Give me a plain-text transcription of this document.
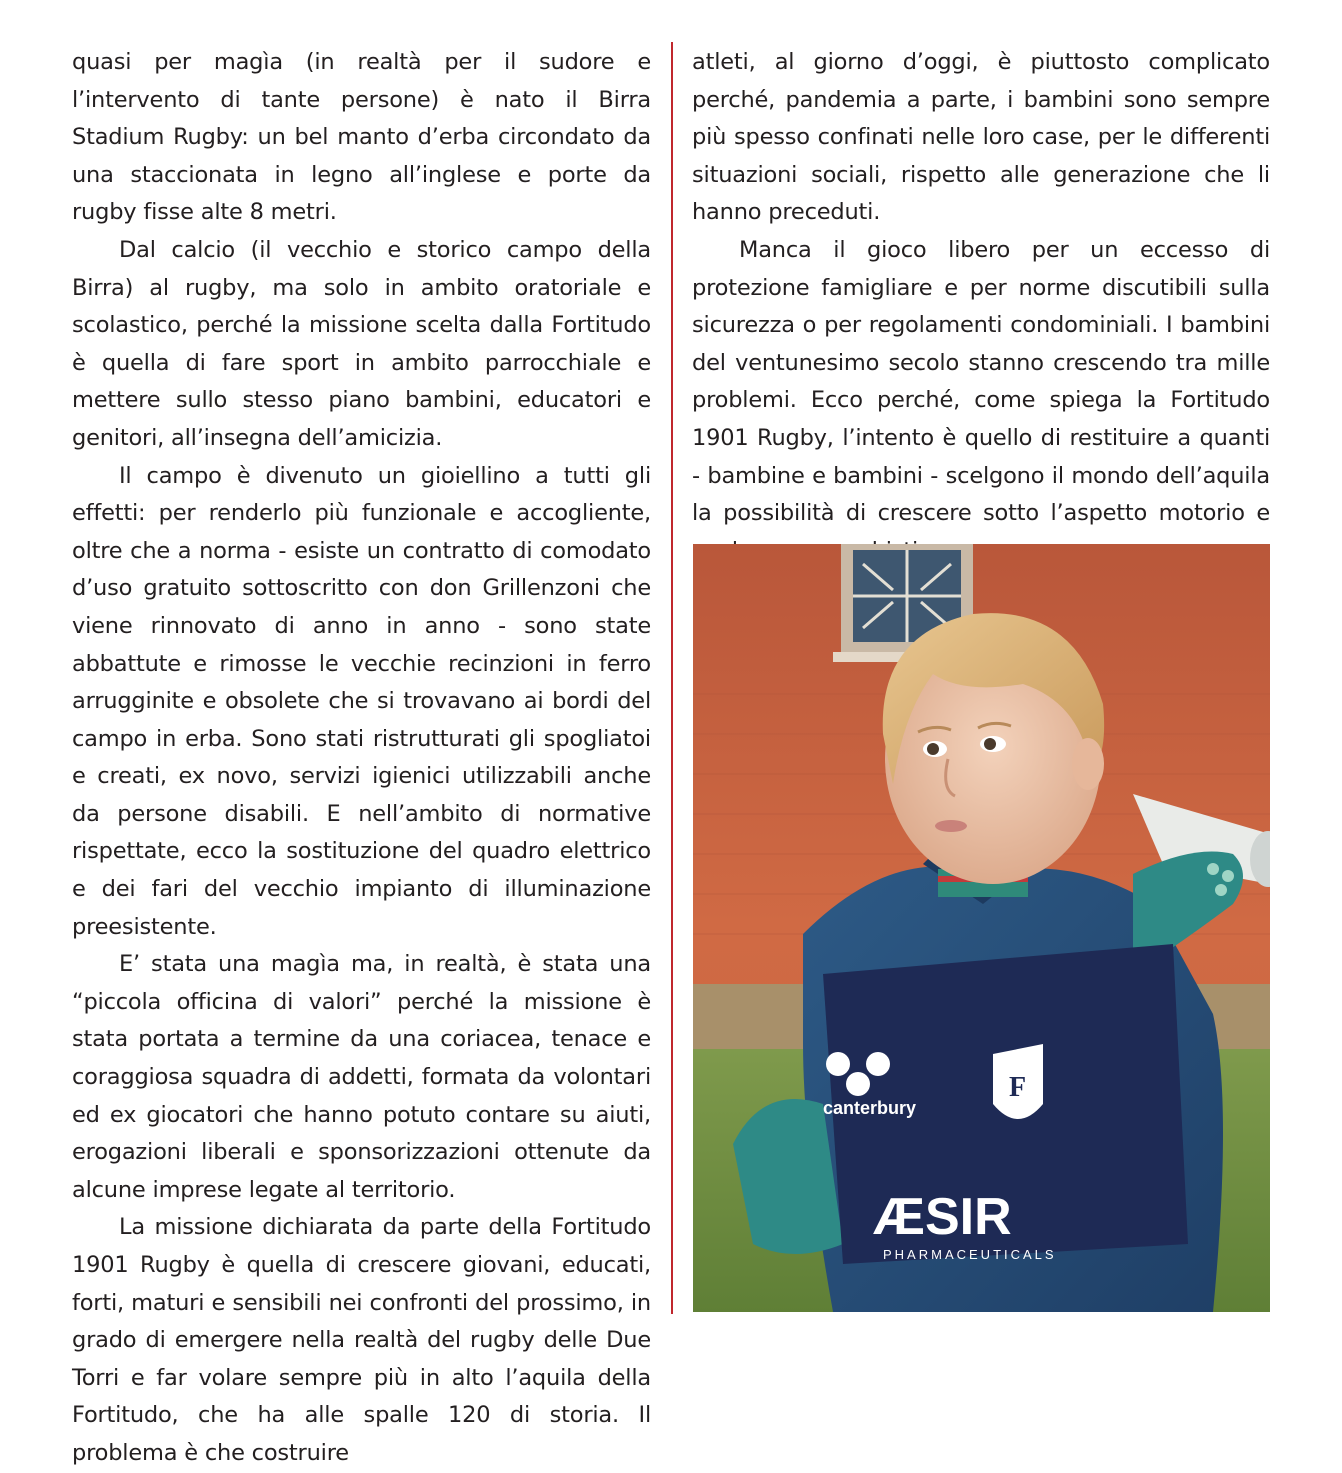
quasi per magìa (in realtà per il sudore e l’intervento di tante persone) è nato il Birra Stadium Rugby: un bel manto d’erba circondato da una staccionata in legno all’inglese e porte da rugby fisse alte 8 metri.

Dal calcio (il vecchio e storico campo della Birra) al rugby, ma solo in ambito oratoriale e scolastico, perché la missione scelta dalla Fortitudo è quella di fare sport in ambito parrocchiale e mettere sullo stesso piano bambini, educatori e genitori, all’insegna dell’amicizia.

Il campo è divenuto un gioiellino a tutti gli effetti: per renderlo più funzionale e accogliente, oltre che a norma - esiste un contratto di comodato d’uso gratuito sottoscritto con don Grillenzoni che viene rinnovato di anno in anno - sono state abbattute e rimosse le vecchie recinzioni in ferro arrugginite e obsolete che si trovavano ai bordi del campo in erba. Sono stati ristrutturati gli spogliatoi e creati, ex novo, servizi igienici utilizzabili anche da persone disabili. E nell’ambito di normative rispettate, ecco la sostituzione del quadro elettrico e dei fari del vecchio impianto di illuminazione preesistente.

E’ stata una magìa ma, in realtà, è stata una “piccola officina di valori” perché la missione è stata portata a termine da una coriacea, tenace e coraggiosa squadra di addetti, formata da volontari ed ex giocatori che hanno potuto contare su aiuti, erogazioni liberali e sponsorizzazioni ottenute da alcune imprese legate al territorio.

La missione dichiarata da parte della Fortitudo 1901 Rugby è quella di crescere giovani, educati, forti, maturi e sensibili nei confronti del prossimo, in grado di emergere nella realtà del rugby delle Due Torri e far volare sempre più in alto l’aquila della Fortitudo, che ha alle spalle 120 di storia. Il problema è che costruire

atleti, al giorno d’oggi, è piuttosto complicato perché, pandemia a parte, i bambini sono sempre più spesso confinati nelle loro case, per le differenti situazioni sociali, rispetto alle generazione che li hanno preceduti.

Manca il gioco libero per un eccesso di protezione famigliare e per norme discutibili sulla sicurezza o per regolamenti condominiali. I bambini del ventunesimo secolo stanno crescendo tra mille problemi. Ecco perché, come spiega la Fortitudo 1901 Rugby, l’intento è quello di restituire a quanti - bambine e bambini - scelgono il mondo dell’aquila la possibilità di crescere sotto l’aspetto motorio e

canterbury
F
ÆSIR
PHARMACEUTICALS
